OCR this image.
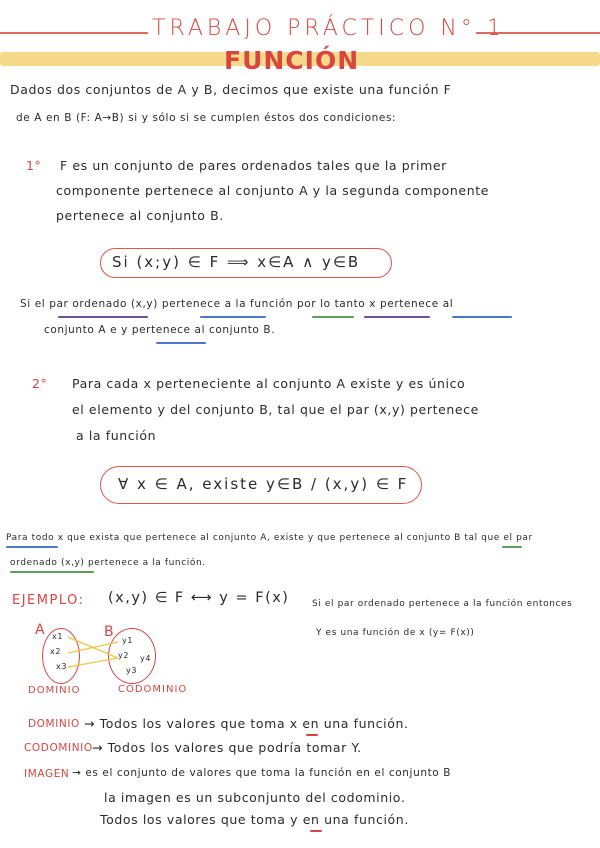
TRABAJO PRÁCTICO N° 1
FUNCIÓN
Dados dos conjuntos de A y B, decimos que existe una función F
de A en B (F: A→B) si y sólo si se cumplen éstos dos condiciones:
1° F es un conjunto de pares ordenados tales que la primer
componente pertenece al conjunto A y la segunda componente
pertenece al conjunto B.
Si (x;y) ∈ F ⟹ x∈A ∧ y∈B
Si el par ordenado (x,y) pertenece a la función por lo tanto x pertenece al
conjunto A e y pertenece al conjunto B.
2° Para cada x perteneciente al conjunto A existe y es único
el elemento y del conjunto B, tal que el par (x,y) pertenece
a la función
∀ x ∈ A, existe y∈B / (x,y) ∈ F
Para todo x que exista que pertenece al conjunto A, existe y que pertenece al conjunto B tal que el par
ordenado (x,y) pertenece a la función.
EJEMPLO: (x,y) ∈ F ⟷ y = F(x)	Si el par ordenado pertenece a la función entonces
Y es una función de x (y= F(x))
A	B
x1
x2
x3
y1
y2
y3
y4
DOMINIO	CODOMINIO
DOMINIO → Todos los valores que toma x en una función.
CODOMINIO → Todos los valores que podría tomar Y.
IMAGEN → es el conjunto de valores que toma la función en el conjunto B
la imagen es un subconjunto del codominio.
Todos los valores que toma y en una función.
